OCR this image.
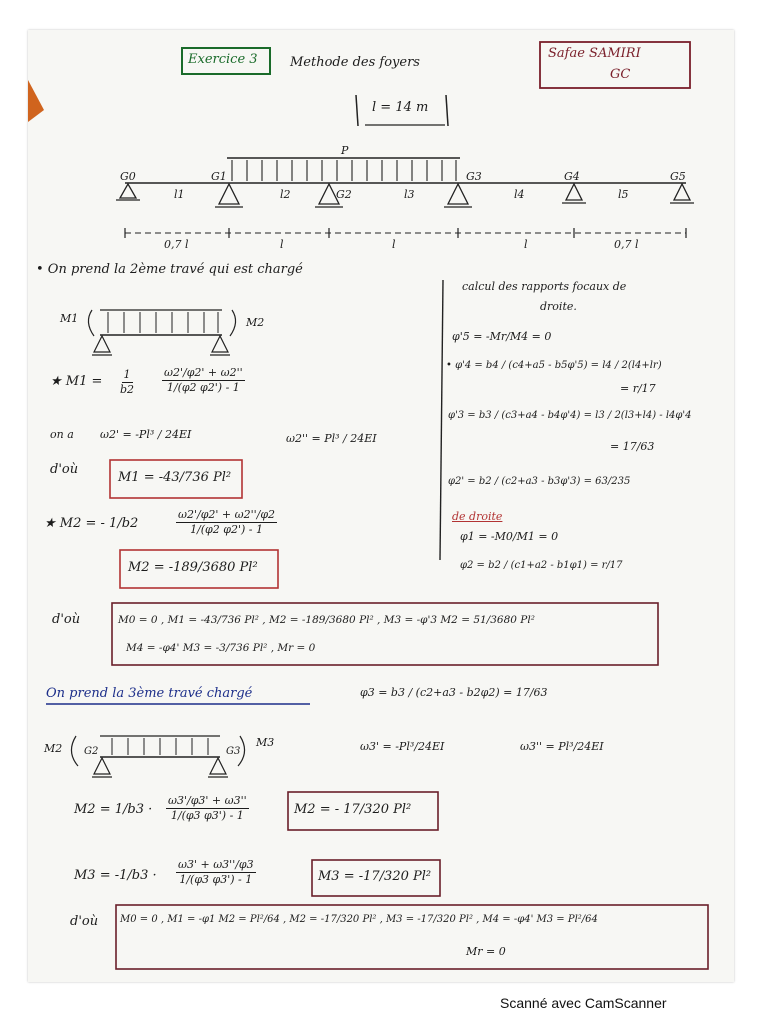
Exercice 3 Methode des foyers
Safae SAMIRI
GC
l = 14 m
P
G0	G1
G2
G3	G4	G5
l1	l2	l3	l4	l5
0,7 l	l	l	l	0,7 l
• On prend la 2ème travé qui est chargé
M1	M2
★ $M1 = \frac{1}{b2} \frac{\omega 2'/\varphi 2' + \omega 2''}{1/(\varphi 2 \varphi 2') - 1}$
on a ω2' = -Pl³ / 24EI	ω2'' = Pl³ / 24EI
d'où
M1 = -43/736 Pl²
★ M2 = - 1/b2	$\frac{\omega 2'/\varphi 2' + \omega 2''/\varphi 2}{1/(\varphi 2 \varphi 2') - 1}$
M2 = -189/3680 Pl²
calcul des rapports focaux de
droite.
φ'5 = -Mr/M4 = 0
• φ'4 = b4 / (c4+a5 - b5φ'5) = l4 / 2(l4+lr)
= r/17
φ'3 = b3 / (c3+a4 - b4φ'4) = l3 / 2(l3+l4) - l4φ'4
= 17/63
φ2' = b2 / (c2+a3 - b3φ'3) = 63/235
de droite
φ1 = -M0/M1 = 0
φ2 = b2 / (c1+a2 - b1φ1) = r/17
d'où	M0 = 0 , M1 = -43/736 Pl² , M2 = -189/3680 Pl² , M3 = -φ'3 M2 = 51/3680 Pl²
M4 = -φ4' M3 = -3/736 Pl² , Mr = 0
On prend la 3ème travé chargé	φ3 = b3 / (c2+a3 - b2φ2) = 17/63
M2 G2	G3
M3	ω3' = -Pl³/24EI	ω3'' = Pl³/24EI
$M2 = 1/b3 \cdot \frac{\omega 3'/\varphi 3' + \omega 3''}{1/(\varphi 3 \varphi 3') - 1}$	M2 = - 17/320 Pl²
$M3 = -1/b3 \cdot \frac{\omega 3' + \omega 3''/\varphi 3}{1/(\varphi 3 \varphi 3') - 1}$	M3 = -17/320 Pl²
d'où M0 = 0 , M1 = -φ1 M2 = Pl²/64 , M2 = -17/320 Pl² , M3 = -17/320 Pl² , M4 = -φ4' M3 = Pl²/64
Mr = 0
Scanné avec CamScanner
